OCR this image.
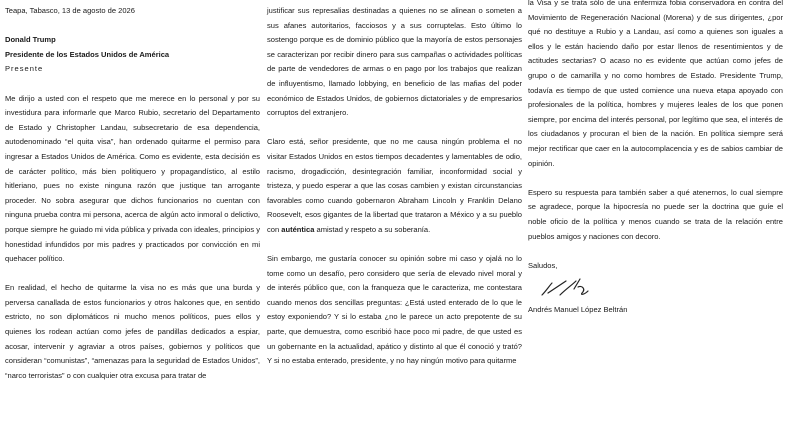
Teapa, Tabasco, 13 de agosto de 2026

Donald Trump
Presidente de los Estados Unidos de América
Presente

Me dirijo a usted con el respeto que me merece en lo personal y por su investidura para informarle que Marco Rubio, secretario del Departamento de Estado y Christopher Landau, subsecretario de esa dependencia, autodenominado “el quita visa”, han ordenado quitarme el permiso para ingresar a Estados Unidos de América. Como es evidente, esta decisión es de carácter político, más bien politiquero y propagandístico, al estilo hitleriano, pues no existe ninguna razón que justique tan arrogante proceder. No sobra asegurar que dichos funcionarios no cuentan con ninguna prueba contra mi persona, acerca de algún acto inmoral o delictivo, porque siempre he guiado mi vida pública y privada con ideales, principios y honestidad infundidos por mis padres y practicados por convicción en mi quehacer político.

En realidad, el hecho de quitarme la visa no es más que una burda y perversa canallada de estos funcionarios y otros halcones que, en sentido estricto, no son diplomáticos ni mucho menos políticos, pues ellos y quienes los rodean actúan como jefes de pandillas dedicados a espiar, acosar, intervenir y agraviar a otros países, gobiernos y políticos que consideran “comunistas”, “amenazas para la seguridad de Estados Unidos”, “narco terroristas” o con cualquier otra excusa para tratar de

justificar sus represalias destinadas a quienes no se alinean o someten a sus afanes autoritarios, facciosos y a sus corruptelas. Esto último lo sostengo porque es de dominio público que la mayoría de estos personajes se caracterizan por recibir dinero para sus campañas o actividades políticas de parte de vendedores de armas o en pago por los trabajos que realizan de influyentismo, llamado lobbying, en beneficio de las mafias del poder económico de Estados Unidos, de gobiernos dictatoriales y de empresarios corruptos del extranjero.

Claro está, señor presidente, que no me causa ningún problema el no visitar Estados Unidos en estos tiempos decadentes y lamentables de odio, racismo, drogadicción, desintegración familiar, inconformidad social y tristeza, y puedo esperar a que las cosas cambien y existan circunstancias favorables como cuando gobernaron Abraham Lincoln y Franklin Delano Roosevelt, esos gigantes de la libertad que trataron a México y a su pueblo con auténtica amistad y respeto a su soberanía.

Sin embargo, me gustaría conocer su opinión sobre mi caso y ojalá no lo tome como un desafío, pero considero que sería de elevado nivel moral y de interés público que, con la franqueza que le caracteriza, me contestara cuando menos dos sencillas preguntas: ¿Está usted enterado de lo que le estoy exponiendo? Y si lo estaba ¿no le parece un acto prepotente de su parte, que demuestra, como escribió hace poco mi padre, de que usted es un gobernante en la actualidad, apático y distinto al que él conoció y trató? Y si no estaba enterado, presidente, y no hay ningún motivo para quitarme

la Visa y se trata sólo de una enfermiza fobia conservadora en contra del Movimiento de Regeneración Nacional (Morena) y de sus dirigentes, ¿por qué no destituye a Rubio y a Landau, así como a quienes son iguales a ellos y le están haciendo daño por estar llenos de resentimientos y de actitudes sectarias? O acaso no es evidente que actúan como jefes de grupo o de camarilla y no como hombres de Estado. Presidente Trump, todavía es tiempo de que usted comience una nueva etapa apoyado con profesionales de la política, hombres y mujeres leales de los que ponen siempre, por encima del interés personal, por legítimo que sea, el interés de los ciudadanos y procuran el bien de la nación. En política siempre será mejor rectificar que caer en la autocomplacencia y es de sabios cambiar de opinión.

Espero su respuesta para también saber a qué atenernos, lo cual siempre se agradece, porque la hipocresía no puede ser la doctrina que guíe el noble oficio de la política y menos cuando se trata de la relación entre pueblos amigos y naciones con decoro.

Saludos,

Andrés Manuel López Beltrán
